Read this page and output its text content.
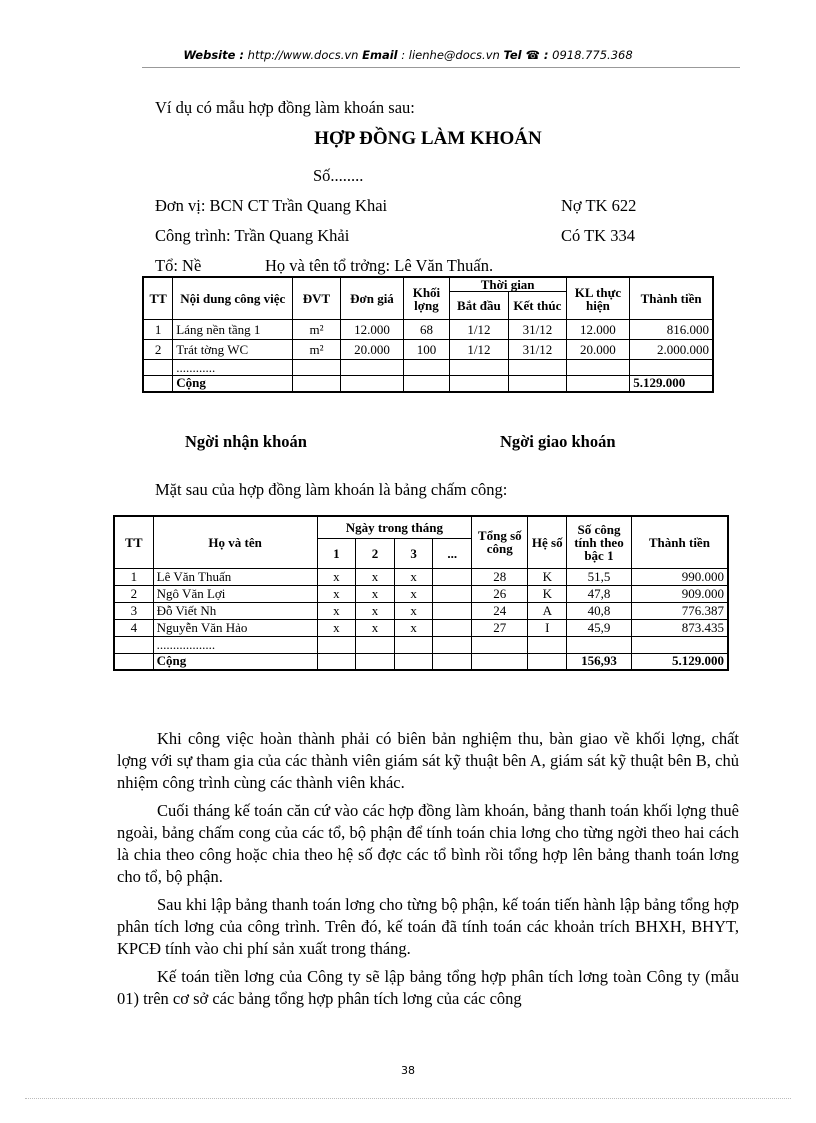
Website : http://www.docs.vn Email : lienhe@docs.vn Tel ☎ : 0918.775.368
Ví dụ có mẫu hợp đồng làm khoán sau:
HỢP ĐỒNG LÀM KHOÁN
Số........
Đơn vị: BCN CT Trần Quang Khai	Nợ TK 622
Công trình: Trần Quang Khải	Có TK 334
Tổ: Nề	Họ và tên tổ trởng: Lê Văn Thuấn.
TT	Nội dung công việc	ĐVT	Đơn giá	Khối lợng	Thời gian		KL thực hiện	Thành tiền
					Bắt đầu	Kết thúc		
1	Láng nền tầng 1	m²	12.000	68	1/12	31/12	12.000	816.000
2	Trát tờng WC	m²	20.000	100	1/12	31/12	20.000	2.000.000
	............							
	Cộng							5.129.000
Ngời nhận khoán	Ngời giao khoán
Mặt sau của hợp đồng làm khoán là bảng chấm công:
TT	Họ và tên	Ngày trong tháng				Tổng số công	Hệ số	Số công tính theo bậc 1	Thành tiền
		1	2	3	...				
1	Lê Văn Thuấn	x	x	x		28	K	51,5	990.000
2	Ngô Văn Lợi	x	x	x		26	K	47,8	909.000
3	Đỗ Viết Nh	x	x	x		24	A	40,8	776.387
4	Nguyễn Văn Hảo	x	x	x		27	I	45,9	873.435
	..................								
	Cộng							156,93	5.129.000

Khi công việc hoàn thành phải có biên bản nghiệm thu, bàn giao về khối lợng, chất lợng với sự tham gia của các thành viên giám sát kỹ thuật bên A, giám sát kỹ thuật bên B, chủ nhiệm công trình cùng các thành viên khác.

Cuối tháng kế toán căn cứ vào các hợp đồng làm khoán, bảng thanh toán khối lợng thuê ngoài, bảng chấm cong của các tổ, bộ phận để tính toán chia lơng cho từng ngời theo hai cách là chia theo công hoặc chia theo hệ số đợc các tổ bình rồi tổng hợp lên bảng thanh toán lơng cho tổ, bộ phận.

Sau khi lập bảng thanh toán lơng cho từng bộ phận, kế toán tiến hành lập bảng tổng hợp phân tích lơng của công trình. Trên đó, kế toán đã tính toán các khoản trích BHXH, BHYT, KPCĐ tính vào chi phí sản xuất trong tháng.

Kế toán tiền lơng của Công ty sẽ lập bảng tổng hợp phân tích lơng toàn Công ty (mẫu 01) trên cơ sở các bảng tổng hợp phân tích lơng của các công

38
